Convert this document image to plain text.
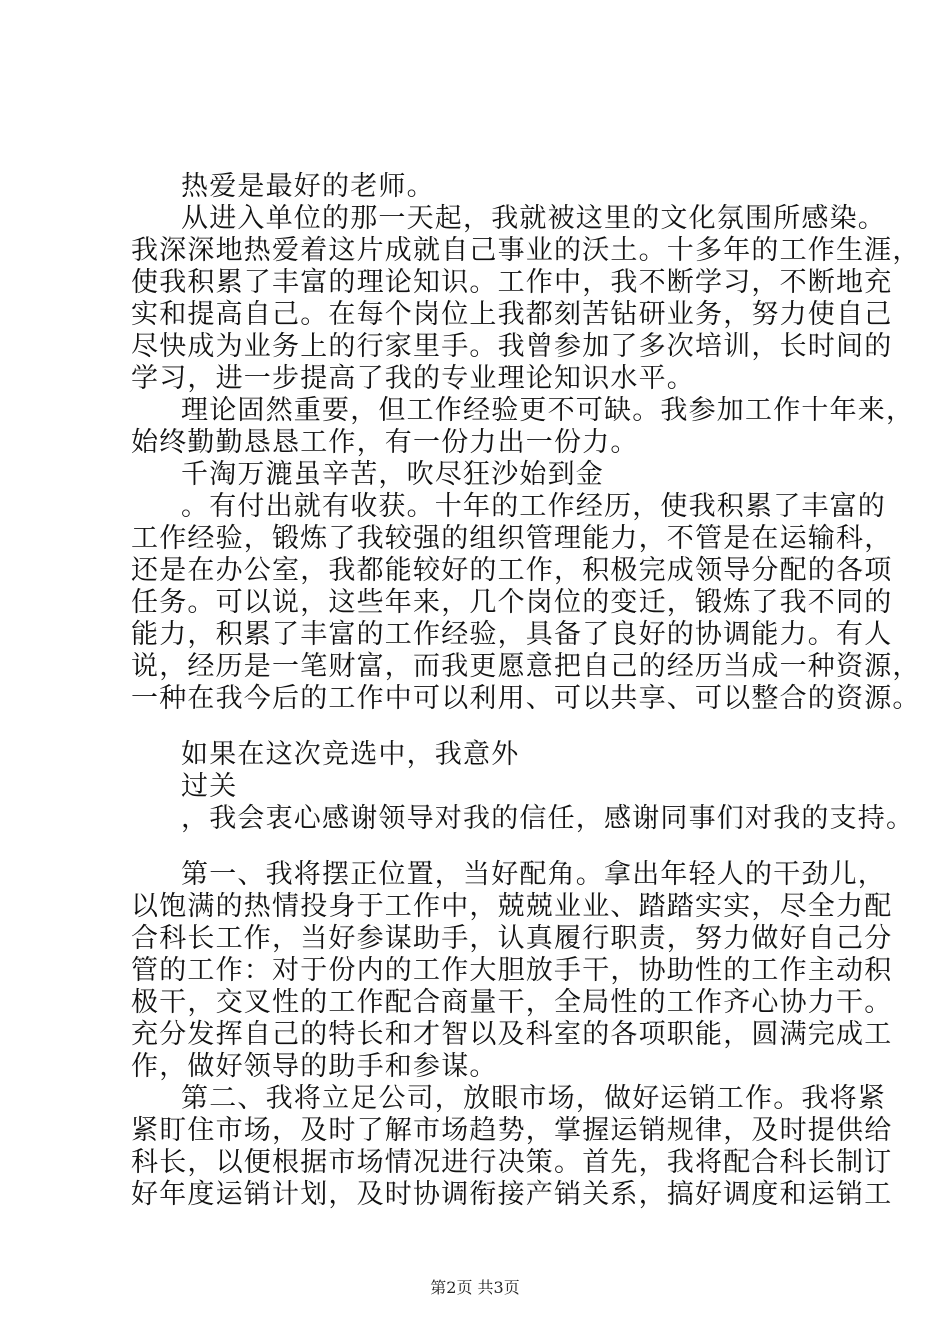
热爱是最好的老师。
从进入单位的那一天起，我就被这里的文化氛围所感染。
我深深地热爱着这片成就自己事业的沃土。十多年的工作生涯，
使我积累了丰富的理论知识。工作中，我不断学习，不断地充
实和提高自己。在每个岗位上我都刻苦钻研业务，努力使自己
尽快成为业务上的行家里手。我曾参加了多次培训，长时间的
学习，进一步提高了我的专业理论知识水平。
理论固然重要，但工作经验更不可缺。我参加工作十年来，
始终勤勤恳恳工作，有一份力出一份力。
千淘万漉虽辛苦，吹尽狂沙始到金
。有付出就有收获。十年的工作经历，使我积累了丰富的
工作经验，锻炼了我较强的组织管理能力，不管是在运输科，
还是在办公室，我都能较好的工作，积极完成领导分配的各项
任务。可以说，这些年来，几个岗位的变迁，锻炼了我不同的
能力，积累了丰富的工作经验，具备了良好的协调能力。有人
说，经历是一笔财富，而我更愿意把自己的经历当成一种资源，
一种在我今后的工作中可以利用、可以共享、可以整合的资源。
如果在这次竞选中，我意外
过关
，我会衷心感谢领导对我的信任，感谢同事们对我的支持。
第一、我将摆正位置，当好配角。拿出年轻人的干劲儿，
以饱满的热情投身于工作中，兢兢业业、踏踏实实，尽全力配
合科长工作，当好参谋助手，认真履行职责，努力做好自己分
管的工作：对于份内的工作大胆放手干，协助性的工作主动积
极干，交叉性的工作配合商量干，全局性的工作齐心协力干。
充分发挥自己的特长和才智以及科室的各项职能，圆满完成工
作，做好领导的助手和参谋。
第二、我将立足公司，放眼市场，做好运销工作。我将紧
紧盯住市场，及时了解市场趋势，掌握运销规律，及时提供给
科长，以便根据市场情况进行决策。首先，我将配合科长制订
好年度运销计划，及时协调衔接产销关系，搞好调度和运销工
第2页 共3页
